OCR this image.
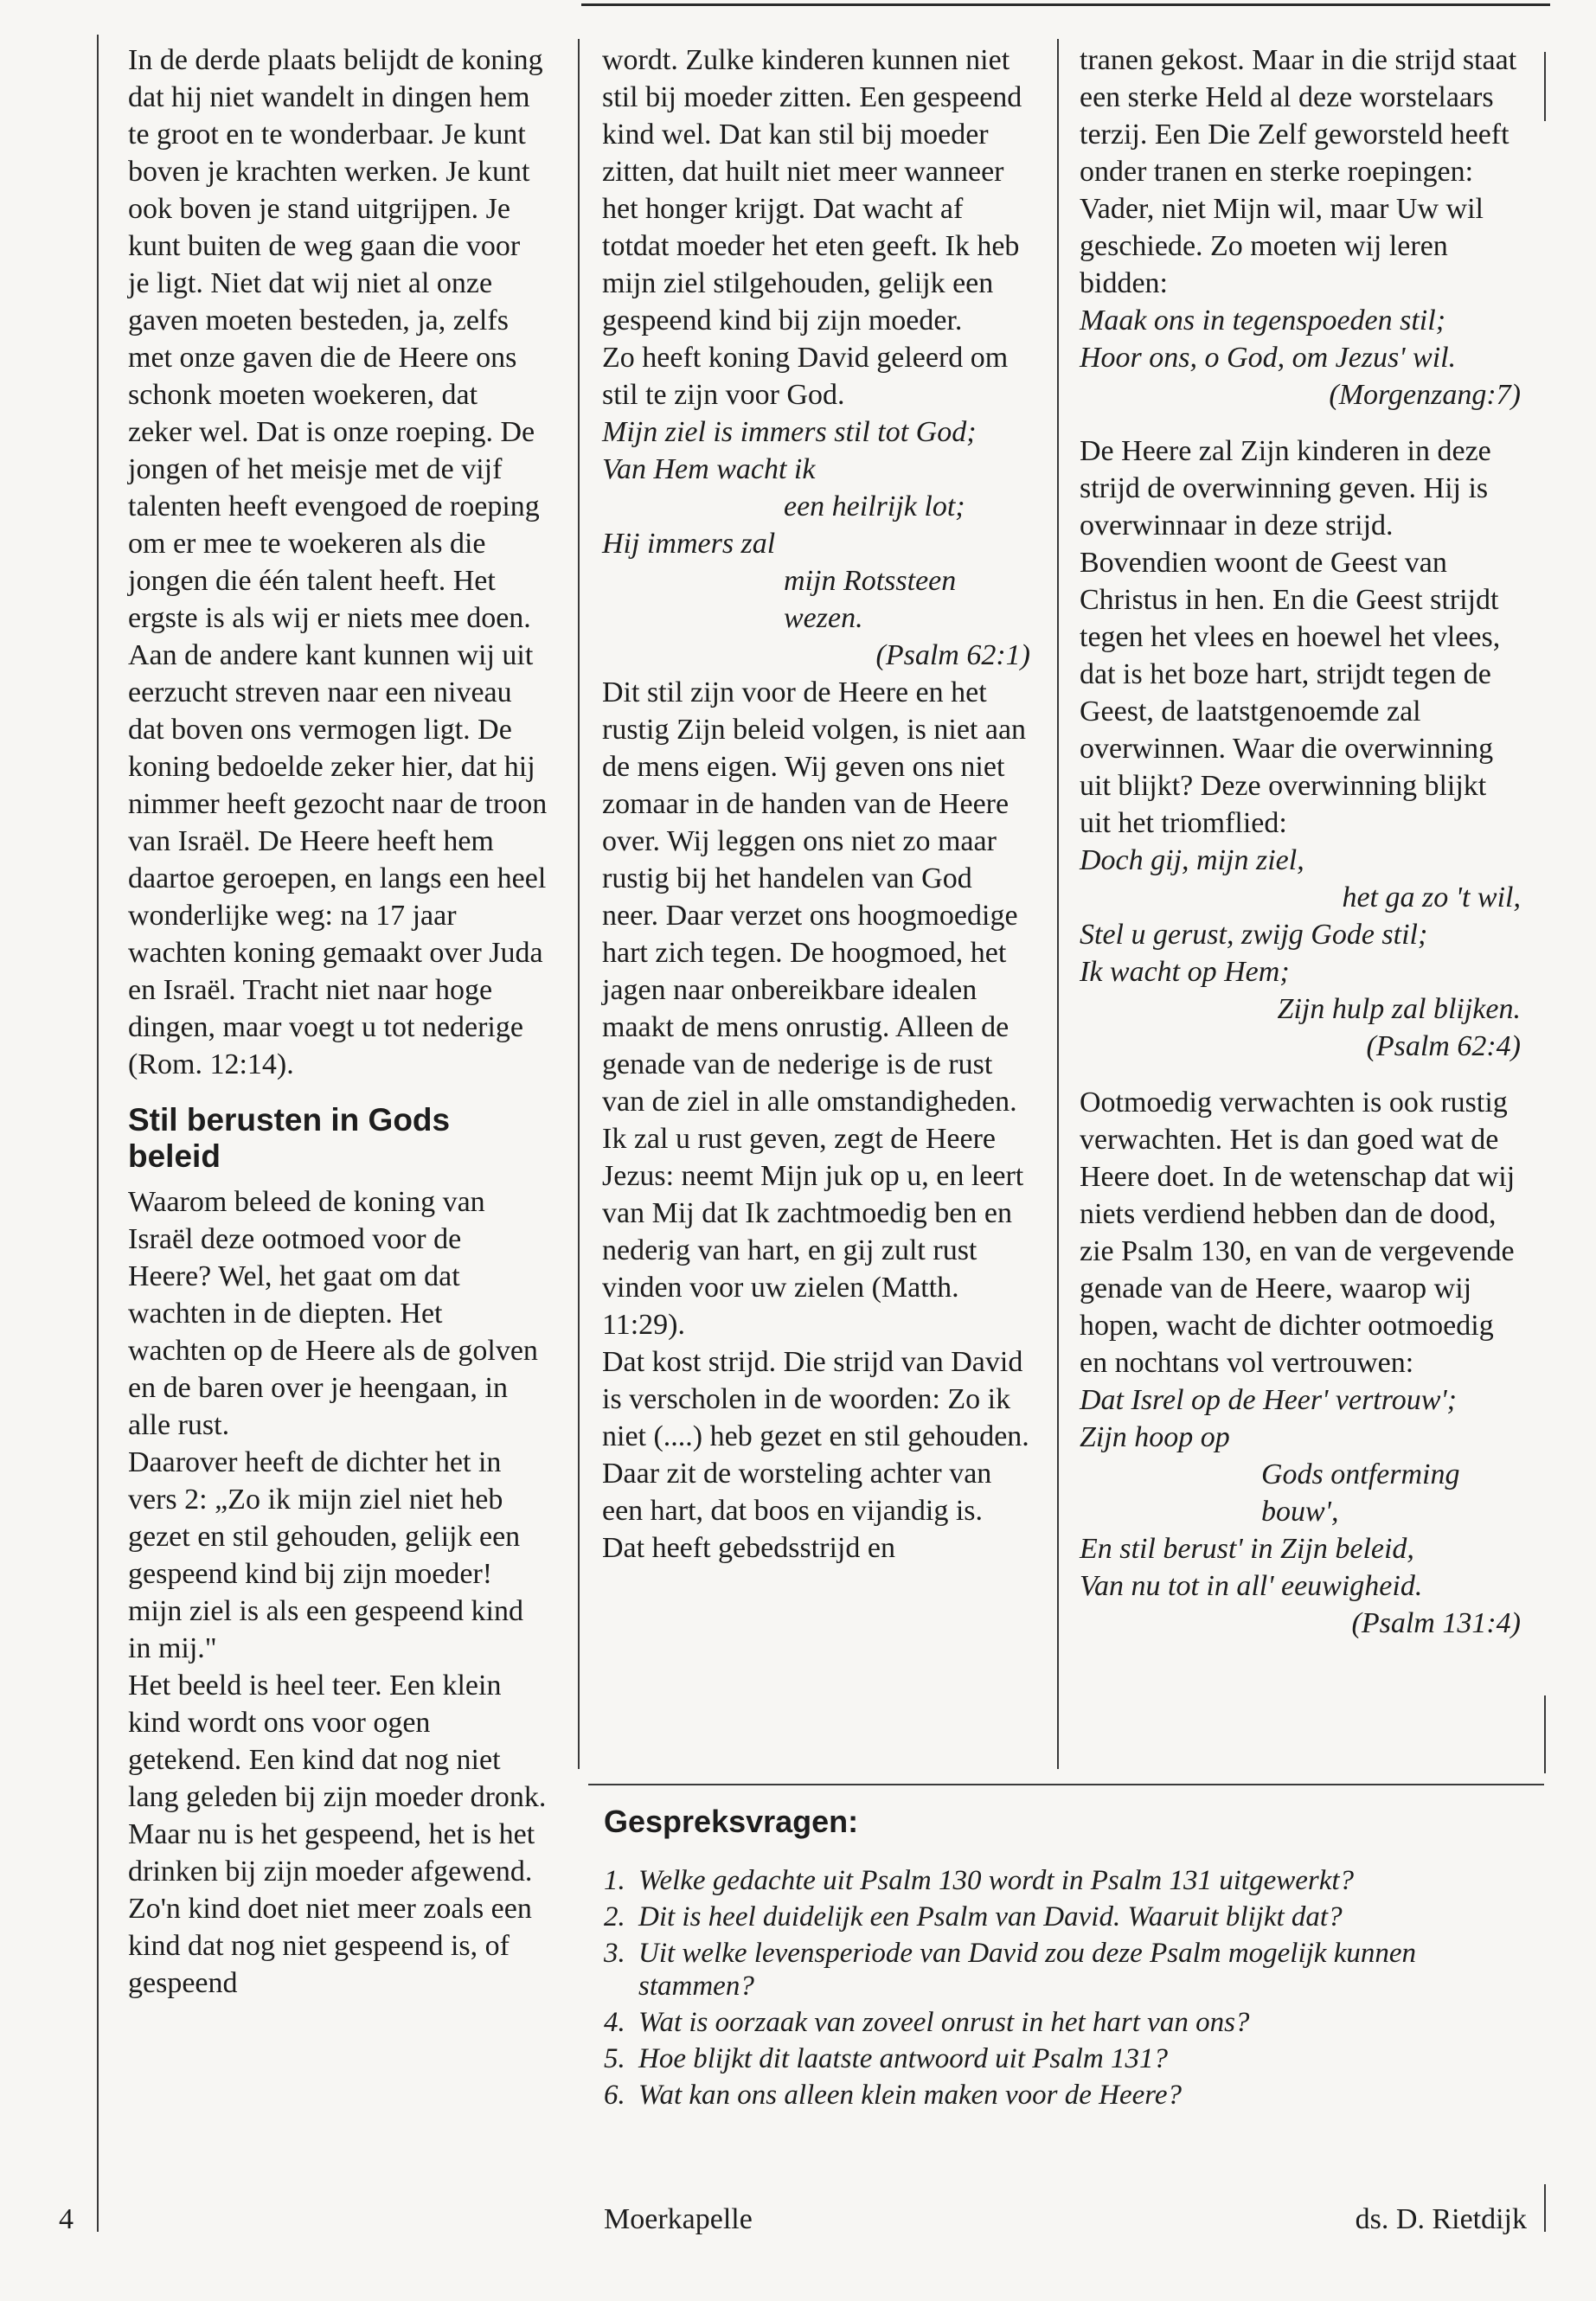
4

In de derde plaats belijdt de koning dat hij niet wandelt in dingen hem te groot en te wonderbaar. Je kunt boven je krachten werken. Je kunt ook boven je stand uitgrijpen. Je kunt buiten de weg gaan die voor je ligt. Niet dat wij niet al onze gaven moeten besteden, ja, zelfs met onze gaven die de Heere ons schonk moeten woekeren, dat zeker wel. Dat is onze roeping. De jongen of het meisje met de vijf talenten heeft evengoed de roeping om er mee te woekeren als die jongen die één talent heeft. Het ergste is als wij er niets mee doen. Aan de andere kant kunnen wij uit eerzucht streven naar een niveau dat boven ons vermogen ligt. De koning bedoelde zeker hier, dat hij nimmer heeft gezocht naar de troon van Israël. De Heere heeft hem daartoe geroepen, en langs een heel wonderlijke weg: na 17 jaar wachten koning gemaakt over Juda en Israël. Tracht niet naar hoge dingen, maar voegt u tot nederige (Rom. 12:14).

Stil berusten in Gods beleid

Waarom beleed de koning van Israël deze ootmoed voor de Heere? Wel, het gaat om dat wachten in de diepten. Het wachten op de Heere als de golven en de baren over je heengaan, in alle rust.

Daarover heeft de dichter het in vers 2: „Zo ik mijn ziel niet heb gezet en stil gehouden, gelijk een gespeend kind bij zijn moeder! mijn ziel is als een gespeend kind in mij."

Het beeld is heel teer. Een klein kind wordt ons voor ogen getekend. Een kind dat nog niet lang geleden bij zijn moeder dronk. Maar nu is het gespeend, het is het drinken bij zijn moeder afgewend. Zo'n kind doet niet meer zoals een kind dat nog niet gespeend is, of gespeend

wordt. Zulke kinderen kunnen niet stil bij moeder zitten. Een gespeend kind wel. Dat kan stil bij moeder zitten, dat huilt niet meer wanneer het honger krijgt. Dat wacht af totdat moeder het eten geeft. Ik heb mijn ziel stilgehouden, gelijk een gespeend kind bij zijn moeder.

Zo heeft koning David geleerd om stil te zijn voor God.

Mijn ziel is immers stil tot God;
Van Hem wacht ik
een heilrijk lot;
Hij immers zal
mijn Rotssteen wezen.
(Psalm 62:1)

Dit stil zijn voor de Heere en het rustig Zijn beleid volgen, is niet aan de mens eigen. Wij geven ons niet zomaar in de handen van de Heere over. Wij leggen ons niet zo maar rustig bij het handelen van God neer. Daar verzet ons hoogmoedige hart zich tegen. De hoogmoed, het jagen naar onbereikbare idealen maakt de mens onrustig. Alleen de genade van de nederige is de rust van de ziel in alle omstandigheden. Ik zal u rust geven, zegt de Heere Jezus: neemt Mijn juk op u, en leert van Mij dat Ik zachtmoedig ben en nederig van hart, en gij zult rust vinden voor uw zielen (Matth. 11:29).

Dat kost strijd. Die strijd van David is verscholen in de woorden: Zo ik niet (....) heb gezet en stil gehouden. Daar zit de worsteling achter van een hart, dat boos en vijandig is. Dat heeft gebedsstrijd en

tranen gekost. Maar in die strijd staat een sterke Held al deze worstelaars terzij. Een Die Zelf geworsteld heeft onder tranen en sterke roepingen: Vader, niet Mijn wil, maar Uw wil geschiede. Zo moeten wij leren bidden:

Maak ons in tegenspoeden stil;
Hoor ons, o God, om Jezus' wil.
(Morgenzang:7)

De Heere zal Zijn kinderen in deze strijd de overwinning geven. Hij is overwinnaar in deze strijd. Bovendien woont de Geest van Christus in hen. En die Geest strijdt tegen het vlees en hoewel het vlees, dat is het boze hart, strijdt tegen de Geest, de laatstgenoemde zal overwinnen. Waar die overwinning uit blijkt? Deze overwinning blijkt uit het triomflied:

Doch gij, mijn ziel,
het ga zo 't wil,
Stel u gerust, zwijg Gode stil;
Ik wacht op Hem;
Zijn hulp zal blijken.
(Psalm 62:4)

Ootmoedig verwachten is ook rustig verwachten. Het is dan goed wat de Heere doet. In de wetenschap dat wij niets verdiend hebben dan de dood, zie Psalm 130, en van de vergevende genade van de Heere, waarop wij hopen, wacht de dichter ootmoedig en nochtans vol vertrouwen:

Dat Isrel op de Heer' vertrouw';
Zijn hoop op
Gods ontferming bouw',
En stil berust' in Zijn beleid,
Van nu tot in all' eeuwigheid.
(Psalm 131:4)
Gespreksvragen:
1. Welke gedachte uit Psalm 130 wordt in Psalm 131 uitgewerkt?
2. Dit is heel duidelijk een Psalm van David. Waaruit blijkt dat?
3. Uit welke levensperiode van David zou deze Psalm mogelijk kunnen stammen?
4. Wat is oorzaak van zoveel onrust in het hart van ons?
5. Hoe blijkt dit laatste antwoord uit Psalm 131?
6. Wat kan ons alleen klein maken voor de Heere?
Moerkapelle	ds. D. Rietdijk
